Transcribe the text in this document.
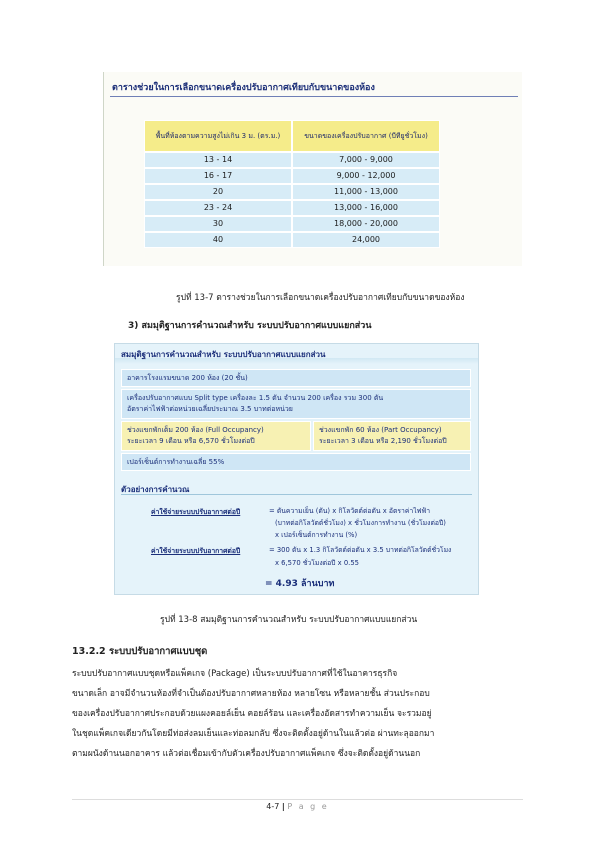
ตารางช่วยในการเลือกขนาดเครื่องปรับอากาศเทียบกับขนาดของห้อง
พื้นที่ห้องตามความสูงไม่เกิน 3 ม. (ตร.ม.)	ขนาดของเครื่องปรับอากาศ (บีทียูชั่วโมง)
13 - 14	7,000 - 9,000
16 - 17	9,000 - 12,000
20	11,000 - 13,000
23 - 24	13,000 - 16,000
30	18,000 - 20,000
40	24,000
รูปที่ 13-7 ตารางช่วยในการเลือกขนาดเครื่องปรับอากาศเทียบกับขนาดของห้อง
3) สมมุติฐานการคำนวณสำหรับ ระบบปรับอากาศแบบแยกส่วน
สมมุติฐานการคำนวณสำหรับ ระบบปรับอากาศแบบแยกส่วน
อาคารโรงแรมขนาด 200 ห้อง (20 ชั้น)
เครื่องปรับอากาศแบบ Split type เครื่องละ 1.5 ตัน จำนวน 200 เครื่อง รวม 300 ตัน
อัตราค่าไฟฟ้าต่อหน่วยเฉลี่ยประมาณ 3.5 บาทต่อหน่วย
ช่วงแขกพักเต็ม 200 ห้อง (Full Occupancy)
ระยะเวลา 9 เดือน หรือ 6,570 ชั่วโมงต่อปี
ช่วงแขกพัก 60 ห้อง (Part Occupancy)
ระยะเวลา 3 เดือน หรือ 2,190 ชั่วโมงต่อปี
เปอร์เซ็นต์การทำงานเฉลี่ย 55%
ตัวอย่างการคำนวณ
ค่าใช้จ่ายระบบปรับอากาศต่อปี	= ตันความเย็น (ตัน) x กิโลวัตต์ต่อตัน x อัตราค่าไฟฟ้า
(บาทต่อกิโลวัตต์ชั่วโมง) x ชั่วโมงการทำงาน (ชั่วโมงต่อปี)
x เปอร์เซ็นต์การทำงาน (%)
ค่าใช้จ่ายระบบปรับอากาศต่อปี	= 300 ตัน x 1.3 กิโลวัตต์ต่อตัน x 3.5 บาทต่อกิโลวัตต์ชั่วโมง
x 6,570 ชั่วโมงต่อปี x 0.55
= 4.93 ล้านบาท
รูปที่ 13-8 สมมุติฐานการคำนวณสำหรับ ระบบปรับอากาศแบบแยกส่วน
13.2.2 ระบบปรับอากาศแบบชุด
ระบบปรับอากาศแบบชุดหรือแพ็คเกจ (Package) เป็นระบบปรับอากาศที่ใช้ในอาคารธุรกิจ
ขนาดเล็ก อาจมีจำนวนห้องที่จำเป็นต้องปรับอากาศหลายห้อง หลายโซน หรือหลายชั้น ส่วนประกอบ
ของเครื่องปรับอากาศประกอบด้วยแผงคอยล์เย็น คอยล์ร้อน และเครื่องอัดสารทำความเย็น จะรวมอยู่
ในชุดแพ็คเกจเดียวกันโดยมีท่อส่งลมเย็นและท่อลมกลับ ซึ่งจะติดตั้งอยู่ด้านในแล้วต่อ ผ่านทะลุออกมา
ตามผนังด้านนอกอาคาร แล้วต่อเชื่อมเข้ากับตัวเครื่องปรับอากาศแพ็คเกจ ซึ่งจะติดตั้งอยู่ด้านนอก
4-7 | P a g e
